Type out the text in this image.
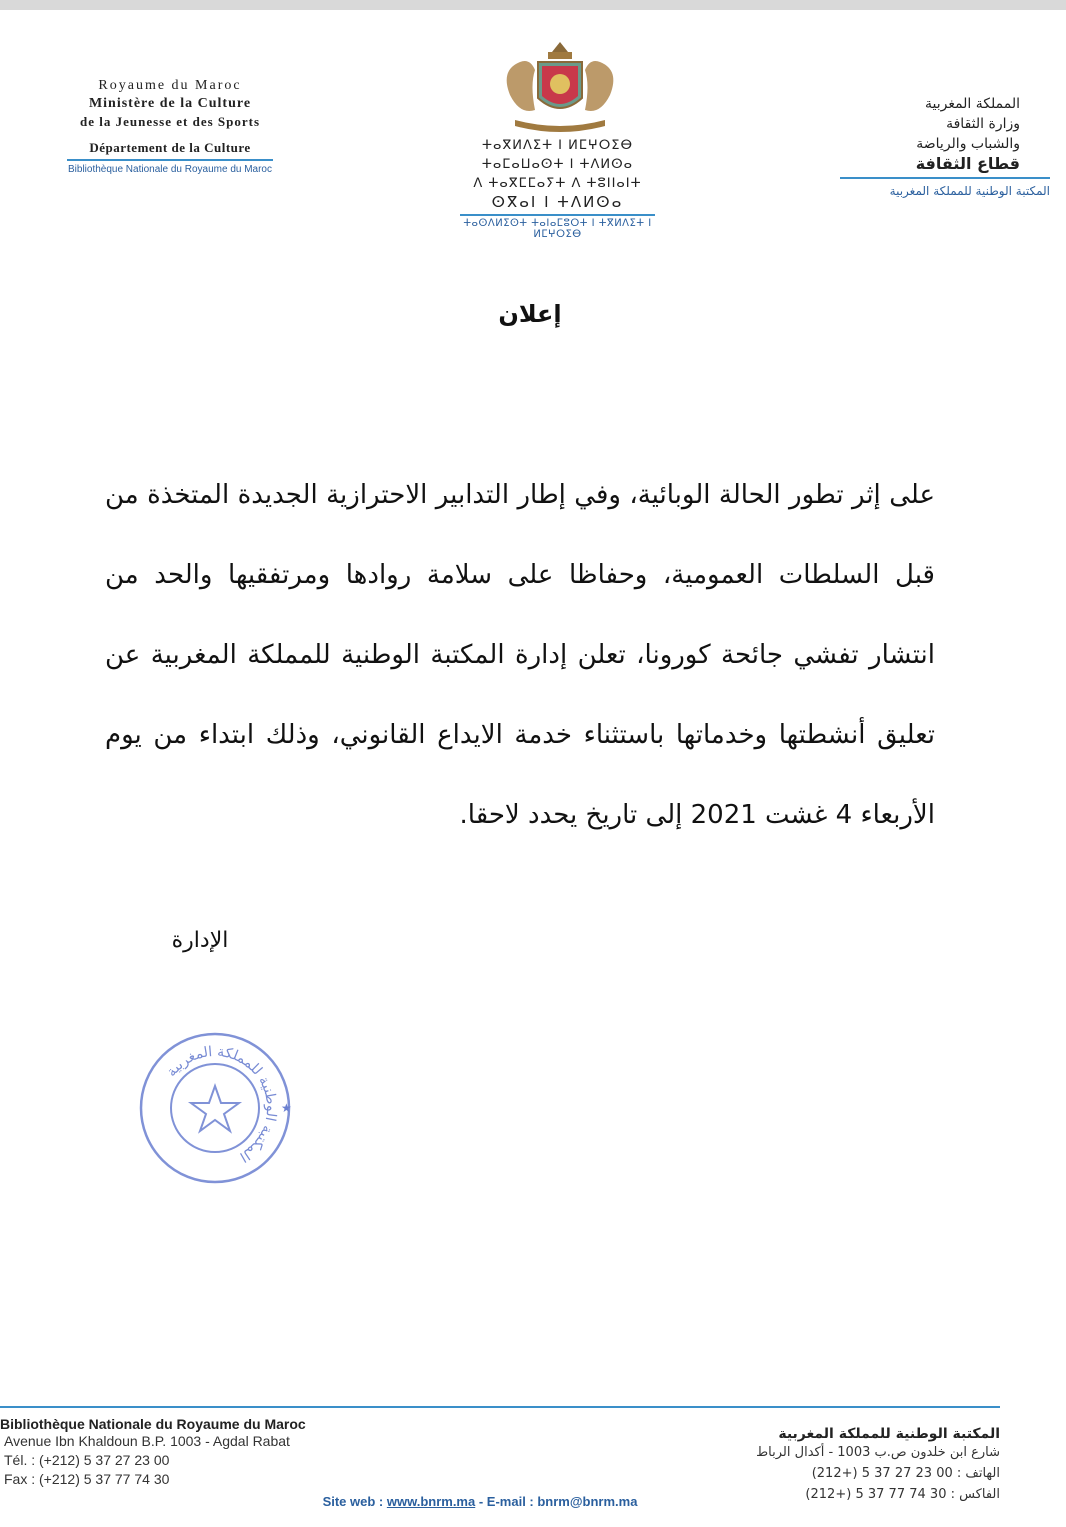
Royaume du Maroc
Ministère de la Culture
de la Jeunesse et des Sports
Département de la Culture
Bibliothèque Nationale du Royaume du Maroc
ⵜⴰⴳⵍⴷⵉⵜ ⵏ ⵍⵎⵖⵔⵉⴱ
ⵜⴰⵎⴰⵡⴰⵙⵜ ⵏ ⵜⴷⵍⵙⴰ
ⴷ ⵜⴰⴳⵎⵎⴰⵢⵜ ⴷ ⵜⵓⵏⵏⴰⵏⵜ
ⵙⴳⴰⵏ ⵏ ⵜⴷⵍⵙⴰ
ⵜⴰⵙⴷⵍⵉⵙⵜ ⵜⴰⵏⴰⵎⵓⵔⵜ ⵏ ⵜⴳⵍⴷⵉⵜ ⵏ ⵍⵎⵖⵔⵉⴱ
المملكة المغربية
وزارة الثقافة
والشباب والرياضة
قطاع الثقافة
المكتبة الوطنية للمملكة المغربية
إعلان
على إثر تطور الحالة الوبائية، وفي إطار التدابير الاحترازية الجديدة المتخذة من
قبل السلطات العمومية، وحفاظا على سلامة روادها ومرتفقيها والحد من
انتشار تفشي جائحة كورونا، تعلن إدارة المكتبة الوطنية للمملكة المغربية عن
تعليق أنشطتها وخدماتها باستثناء خدمة الايداع القانوني، وذلك ابتداء من يوم
الأربعاء 4 غشت 2021 إلى تاريخ يحدد لاحقا.
الإدارة
المكتبة الوطنية للمملكة المغربية
★
Bibliothèque Nationale du Royaume du Maroc
Avenue Ibn Khaldoun B.P. 1003 - Agdal Rabat
Tél. : (+212) 5 37 27 23 00
Fax : (+212) 5 37 77 74 30
المكتبة الوطنية للمملكة المغربية
شارع ابن خلدون ص.ب 1003 - أكدال الرباط
الهاتف : 00 23 27 37 5 (+212)
الفاكس : 30 74 77 37 5 (+212)
Site web : www.bnrm.ma - E-mail : bnrm@bnrm.ma
